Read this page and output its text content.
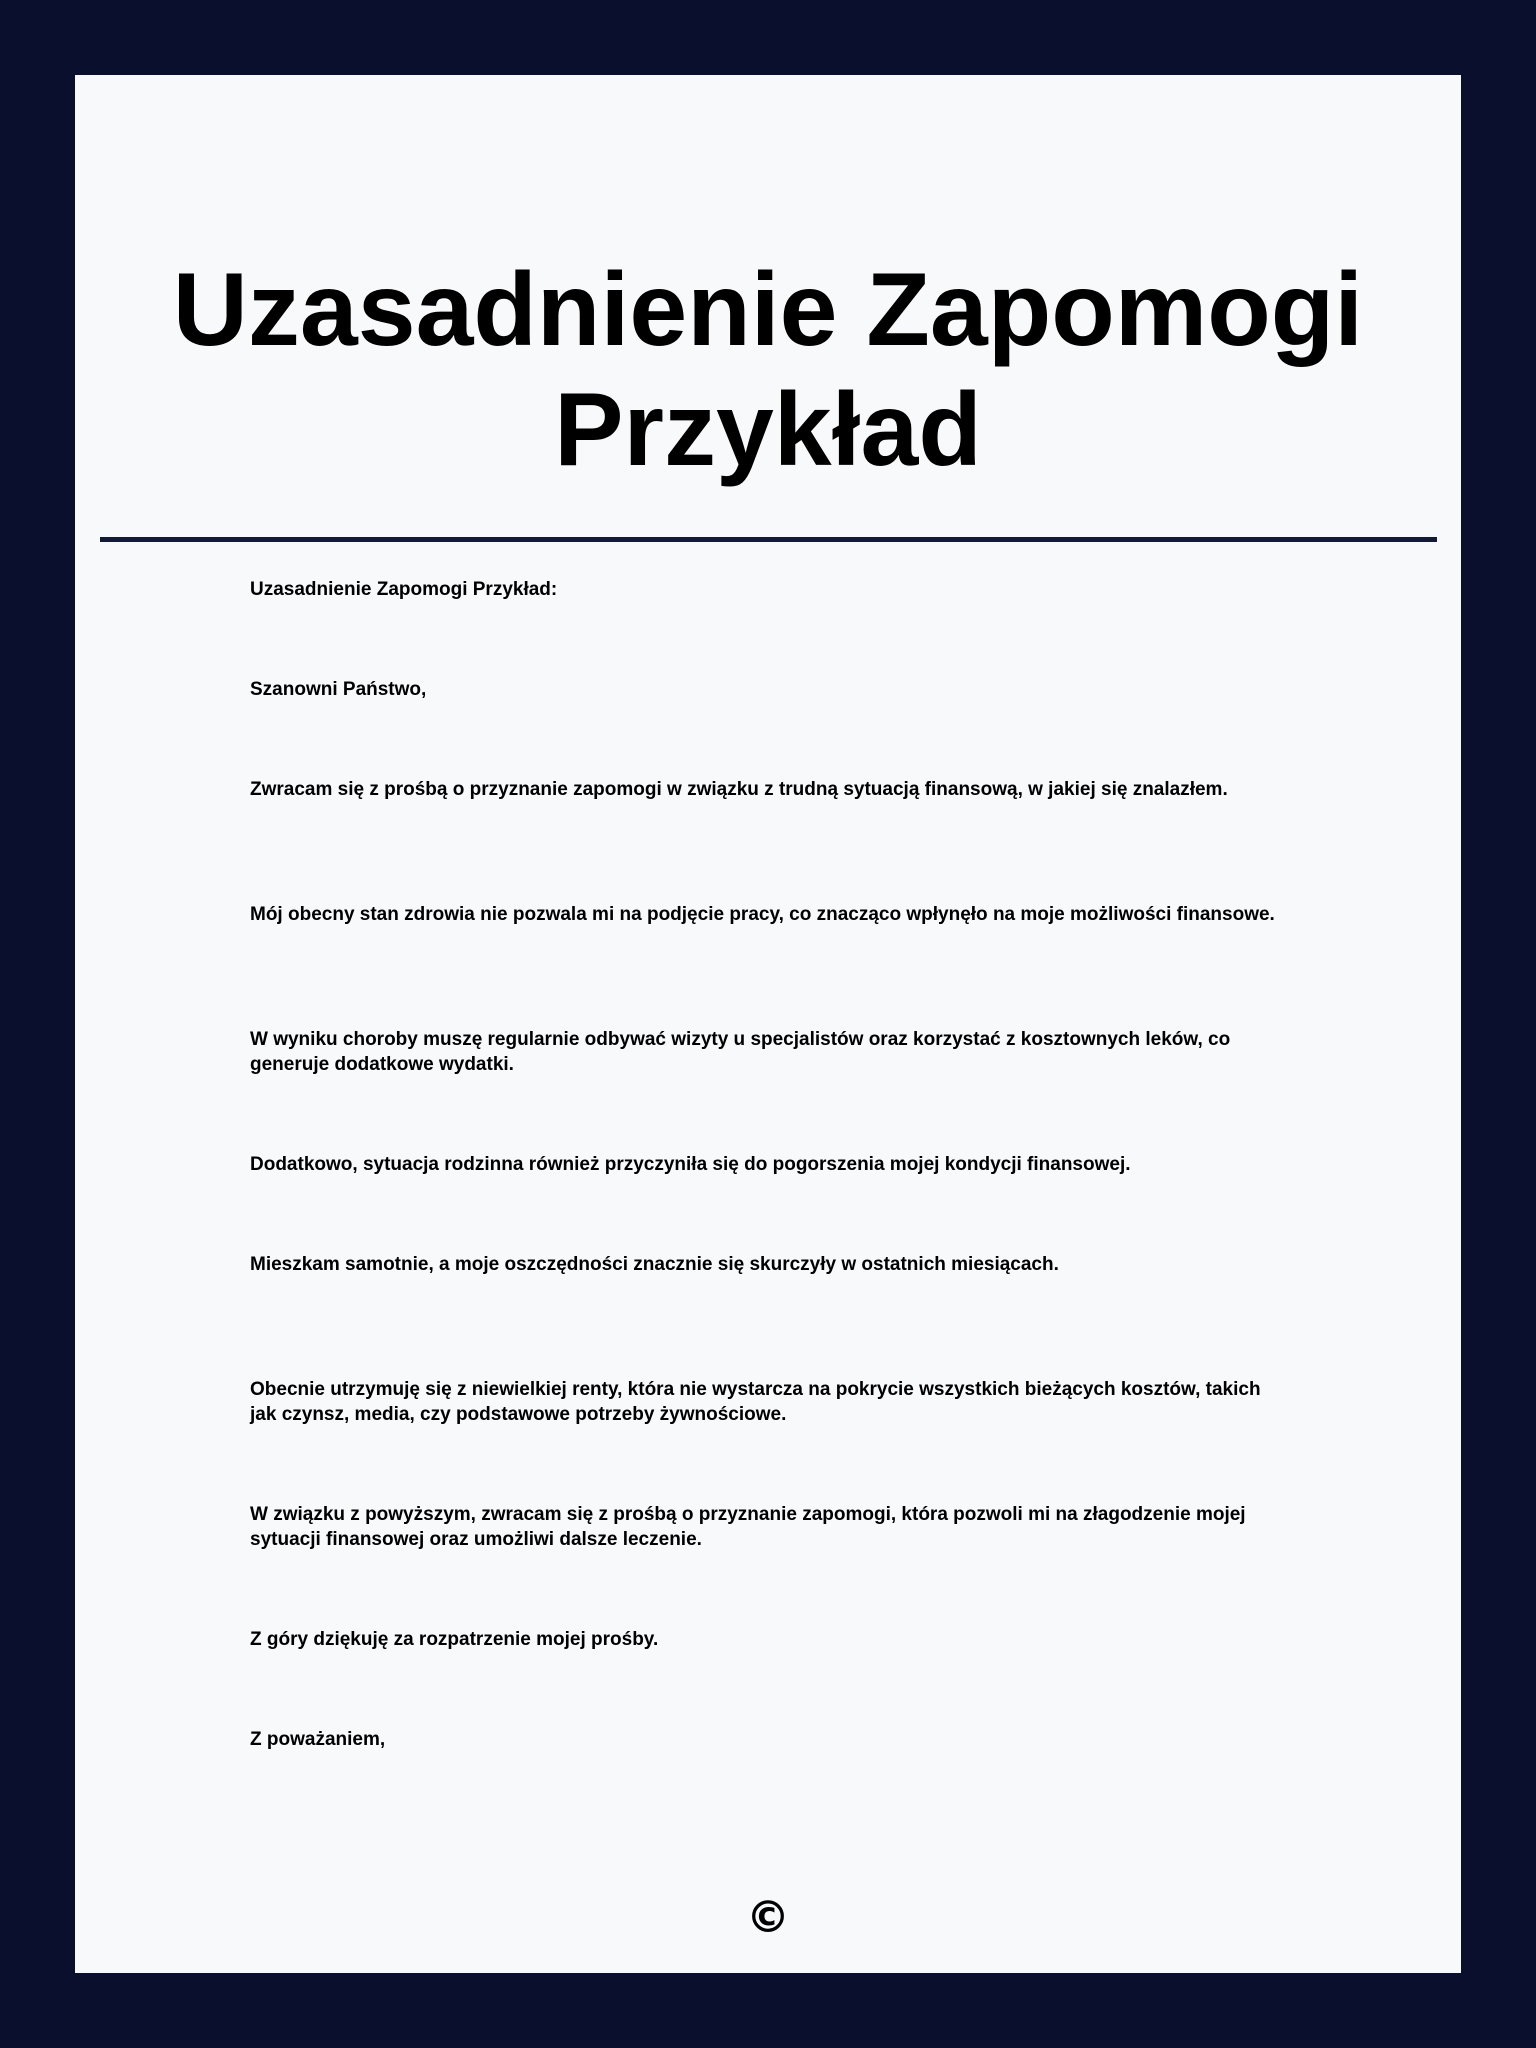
Uzasadnienie Zapomogi Przykład

Uzasadnienie Zapomogi Przykład:

Szanowni Państwo,

Zwracam się z prośbą o przyznanie zapomogi w związku z trudną sytuacją finansową, w jakiej się znalazłem.

Mój obecny stan zdrowia nie pozwala mi na podjęcie pracy, co znacząco wpłynęło na moje możliwości finansowe.

W wyniku choroby muszę regularnie odbywać wizyty u specjalistów oraz korzystać z kosztownych leków, co generuje dodatkowe wydatki.

Dodatkowo, sytuacja rodzinna również przyczyniła się do pogorszenia mojej kondycji finansowej.

Mieszkam samotnie, a moje oszczędności znacznie się skurczyły w ostatnich miesiącach.

Obecnie utrzymuję się z niewielkiej renty, która nie wystarcza na pokrycie wszystkich bieżących kosztów, takich jak czynsz, media, czy podstawowe potrzeby żywnościowe.

W związku z powyższym, zwracam się z prośbą o przyznanie zapomogi, która pozwoli mi na złagodzenie mojej sytuacji finansowej oraz umożliwi dalsze leczenie.

Z góry dziękuję za rozpatrzenie mojej prośby.

Z poważaniem,

©
